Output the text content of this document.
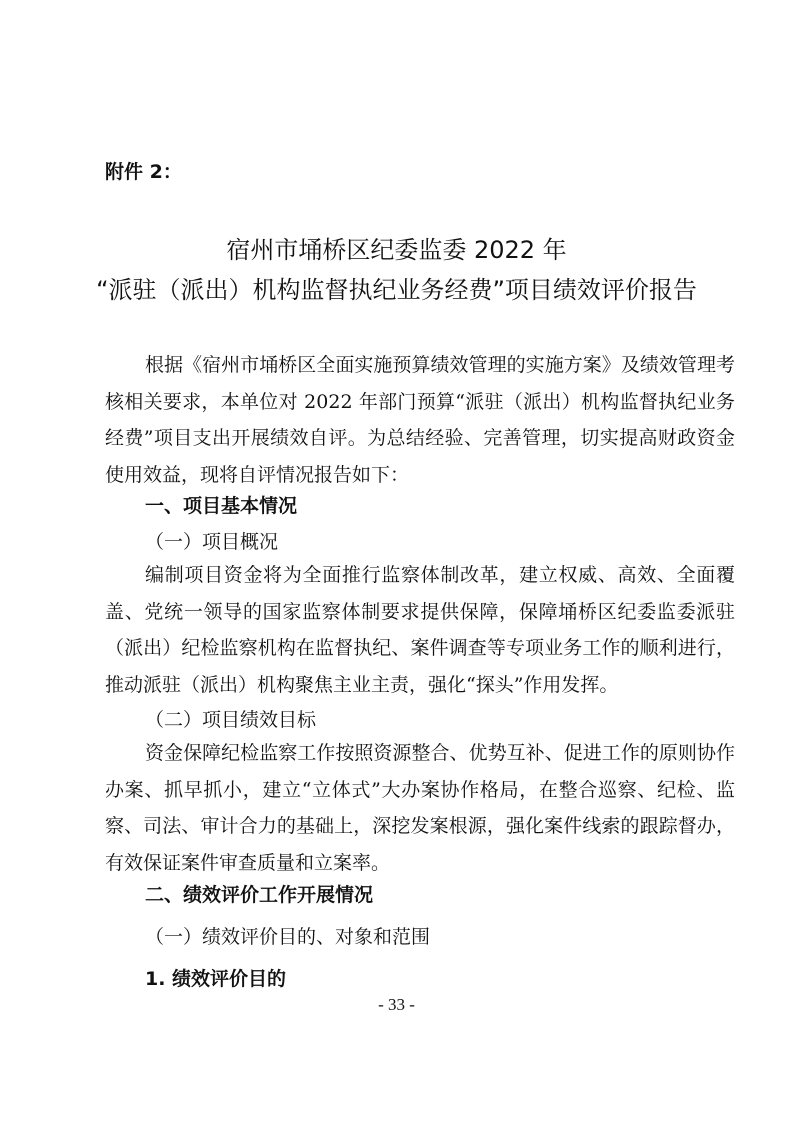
附件 2：
宿州市埇桥区纪委监委 2022 年
“派驻（派出）机构监督执纪业务经费”项目绩效评价报告

根据《宿州市埇桥区全面实施预算绩效管理的实施方案》及绩效管理考核相关要求，本单位对 2022 年部门预算“派驻（派出）机构监督执纪业务经费”项目支出开展绩效自评。为总结经验、完善管理，切实提高财政资金使用效益，现将自评情况报告如下：

一、项目基本情况
（一）项目概况

编制项目资金将为全面推行监察体制改革，建立权威、高效、全面覆盖、党统一领导的国家监察体制要求提供保障，保障埇桥区纪委监委派驻（派出）纪检监察机构在监督执纪、案件调查等专项业务工作的顺利进行，推动派驻（派出）机构聚焦主业主责，强化“探头”作用发挥。

（二）项目绩效目标

资金保障纪检监察工作按照资源整合、优势互补、促进工作的原则协作办案、抓早抓小，建立“立体式”大办案协作格局，在整合巡察、纪检、监察、司法、审计合力的基础上，深挖发案根源，强化案件线索的跟踪督办，有效保证案件审查质量和立案率。

二、绩效评价工作开展情况
（一）绩效评价目的、对象和范围
1. 绩效评价目的
- 33 -
